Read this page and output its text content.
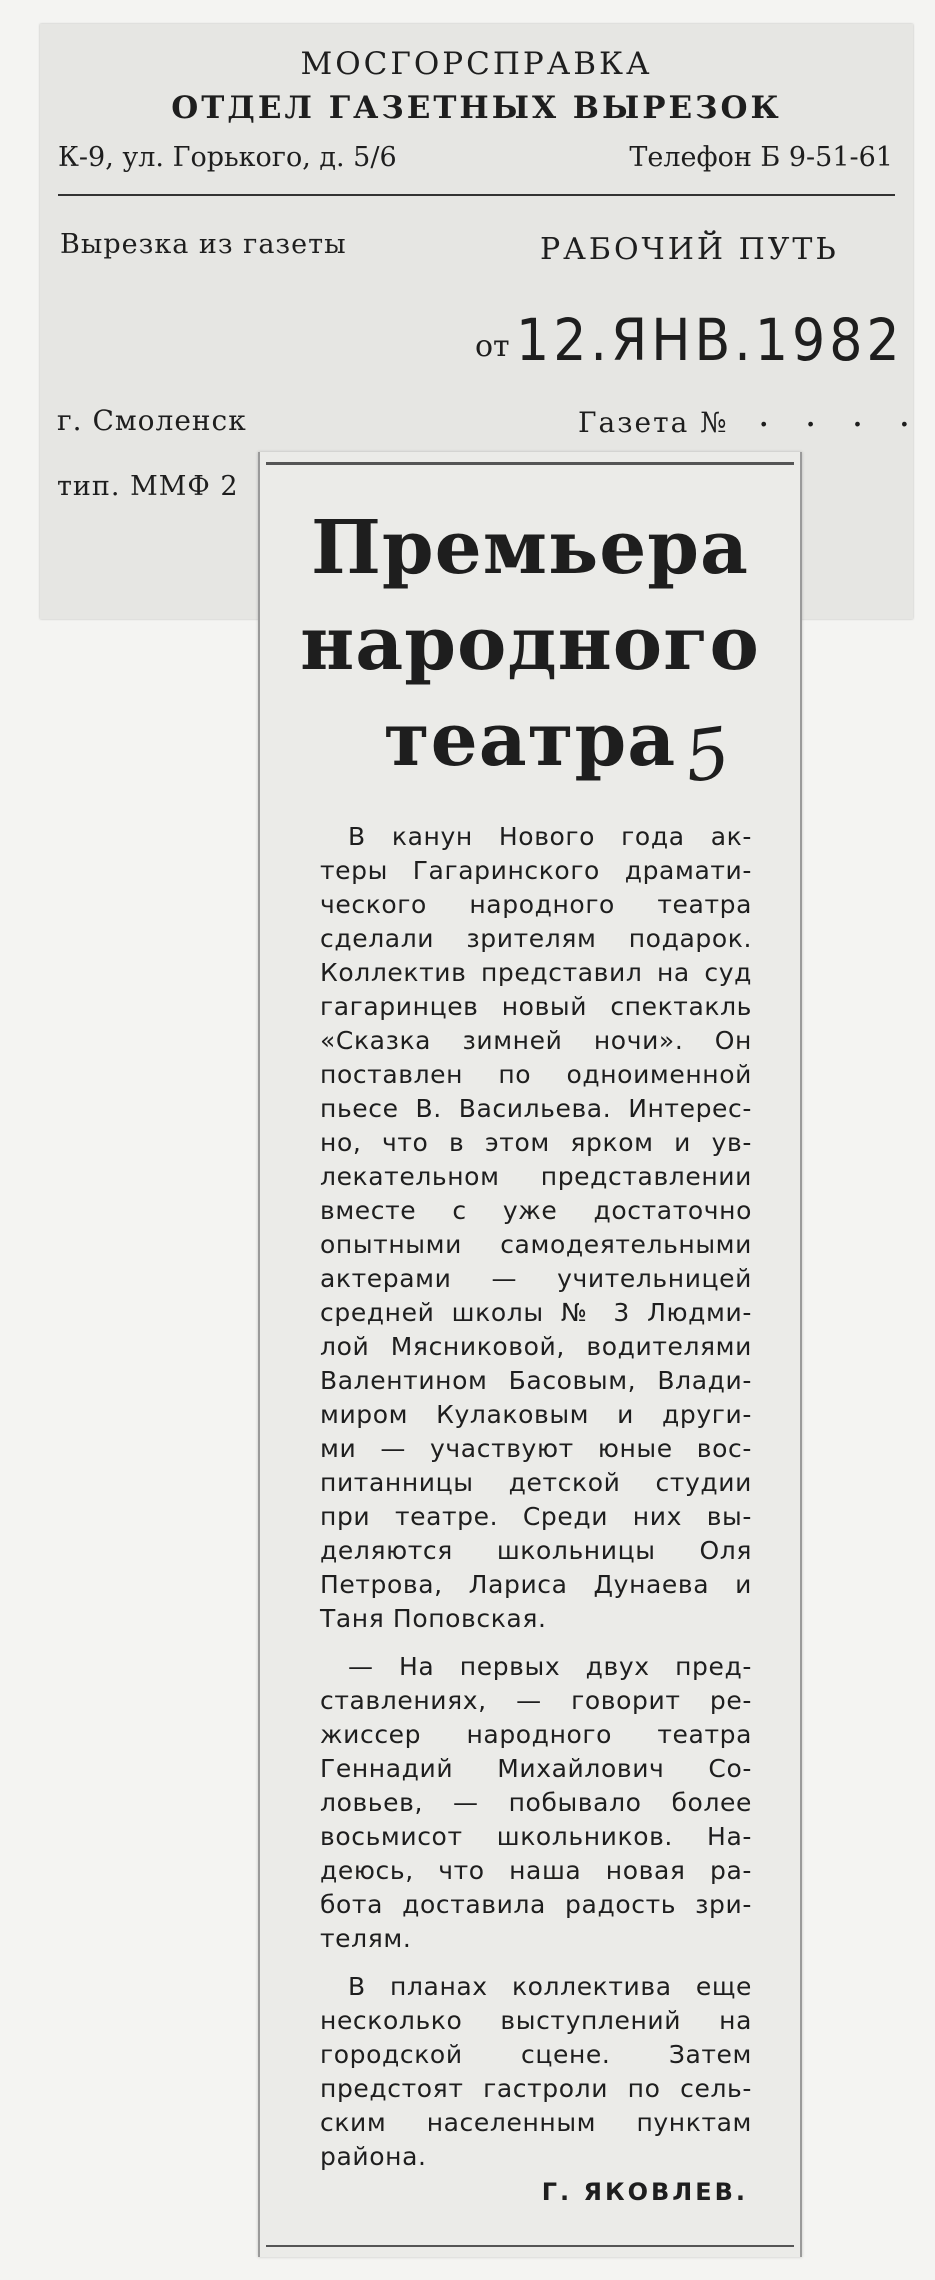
МОСГОРСПРАВКА
ОТДЕЛ ГАЗЕТНЫХ ВЫРЕЗОК
К-9, ул. Горького, д. 5/6	Телефон Б 9-51-61
Вырезка из газеты	РАБОЧИЙ ПУТЬ
от 12.ЯНВ.1982
г. Смоленск	Газета № . . . .
тип. ММФ 2
Премьера
народного
театра 5
В канун Нового года ак-
теры Гагаринского драмати-
ческого народного театра
сделали зрителям подарок.
Коллектив представил на суд
гагаринцев новый спектакль
«Сказка зимней ночи». Он
поставлен по одноименной
пьесе В. Васильева. Интерес-
но, что в этом ярком и ув-
лекательном представлении
вместе с уже достаточно
опытными самодеятельными
актерами — учительницей
средней школы № 3 Людми-
лой Мясниковой, водителями
Валентином Басовым, Влади-
миром Кулаковым и други-
ми — участвуют юные вос-
питанницы детской студии
при театре. Среди них вы-
деляются школьницы Оля
Петрова, Лариса Дунаева и
Таня Поповская.
— На первых двух пред-
ставлениях, — говорит ре-
жиссер народного театра
Геннадий Михайлович Со-
ловьев, — побывало более
восьмисот школьников. На-
деюсь, что наша новая ра-
бота доставила радость зри-
телям.
В планах коллектива еще
несколько выступлений на
городской сцене. Затем
предстоят гастроли по сель-
ским населенным пунктам
района.
Г. ЯКОВЛЕВ.
